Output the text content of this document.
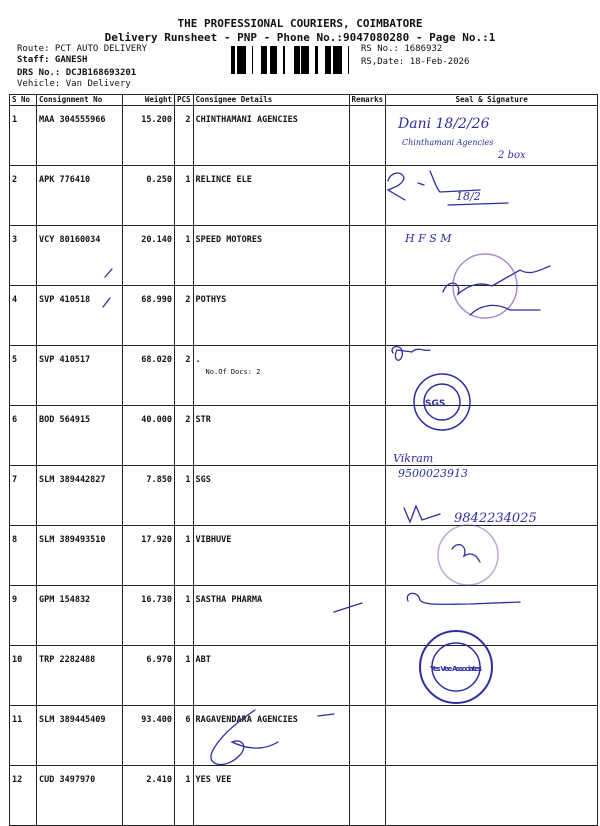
THE PROFESSIONAL COURIERS, COIMBATORE
Delivery Runsheet - PNP - Phone No.:9047080280 - Page No.:1
Route: PCT AUTO DELIVERY
Staff: GANESH
DRS No.: DCJB168693201
Vehicle: Van Delivery
RS No.: 1686932
RS,Date: 18-Feb-2026
S No	Consignment No	Weight	PCS	Consignee Details	Remarks	Seal & Signature
1	MAA 304555966	15.200	2	CHINTHAMANI AGENCIES		
2	APK 776410	0.250	1	RELINCE ELE		
3	VCY 80160034	20.140	1	SPEED MOTORES		
4	SVP 410518	68.990	2	POTHYS		
5	SVP 410517	68.020	2	.
No.Of Docs: 2		

6	BOD 564915	40.000	2	STR		
7	SLM 389442827	7.850	1	SGS		
8	SLM 389493510	17.920	1	VIBHUVE		
9	GPM 154832	16.730	1	SASTHA PHARMA		
10	TRP 2282488	6.970	1	ABT		
11	SLM 389445409	93.400	6	RAGAVENDARA AGENCIES		
12	CUD 3497970	2.410	1	YES VEE		
Dani 18/2/26
Chinthamani Agencies
2 box
18/2
H F S M
Vikram
9500023913
9842234025
SGS
Yes Vee Associates
